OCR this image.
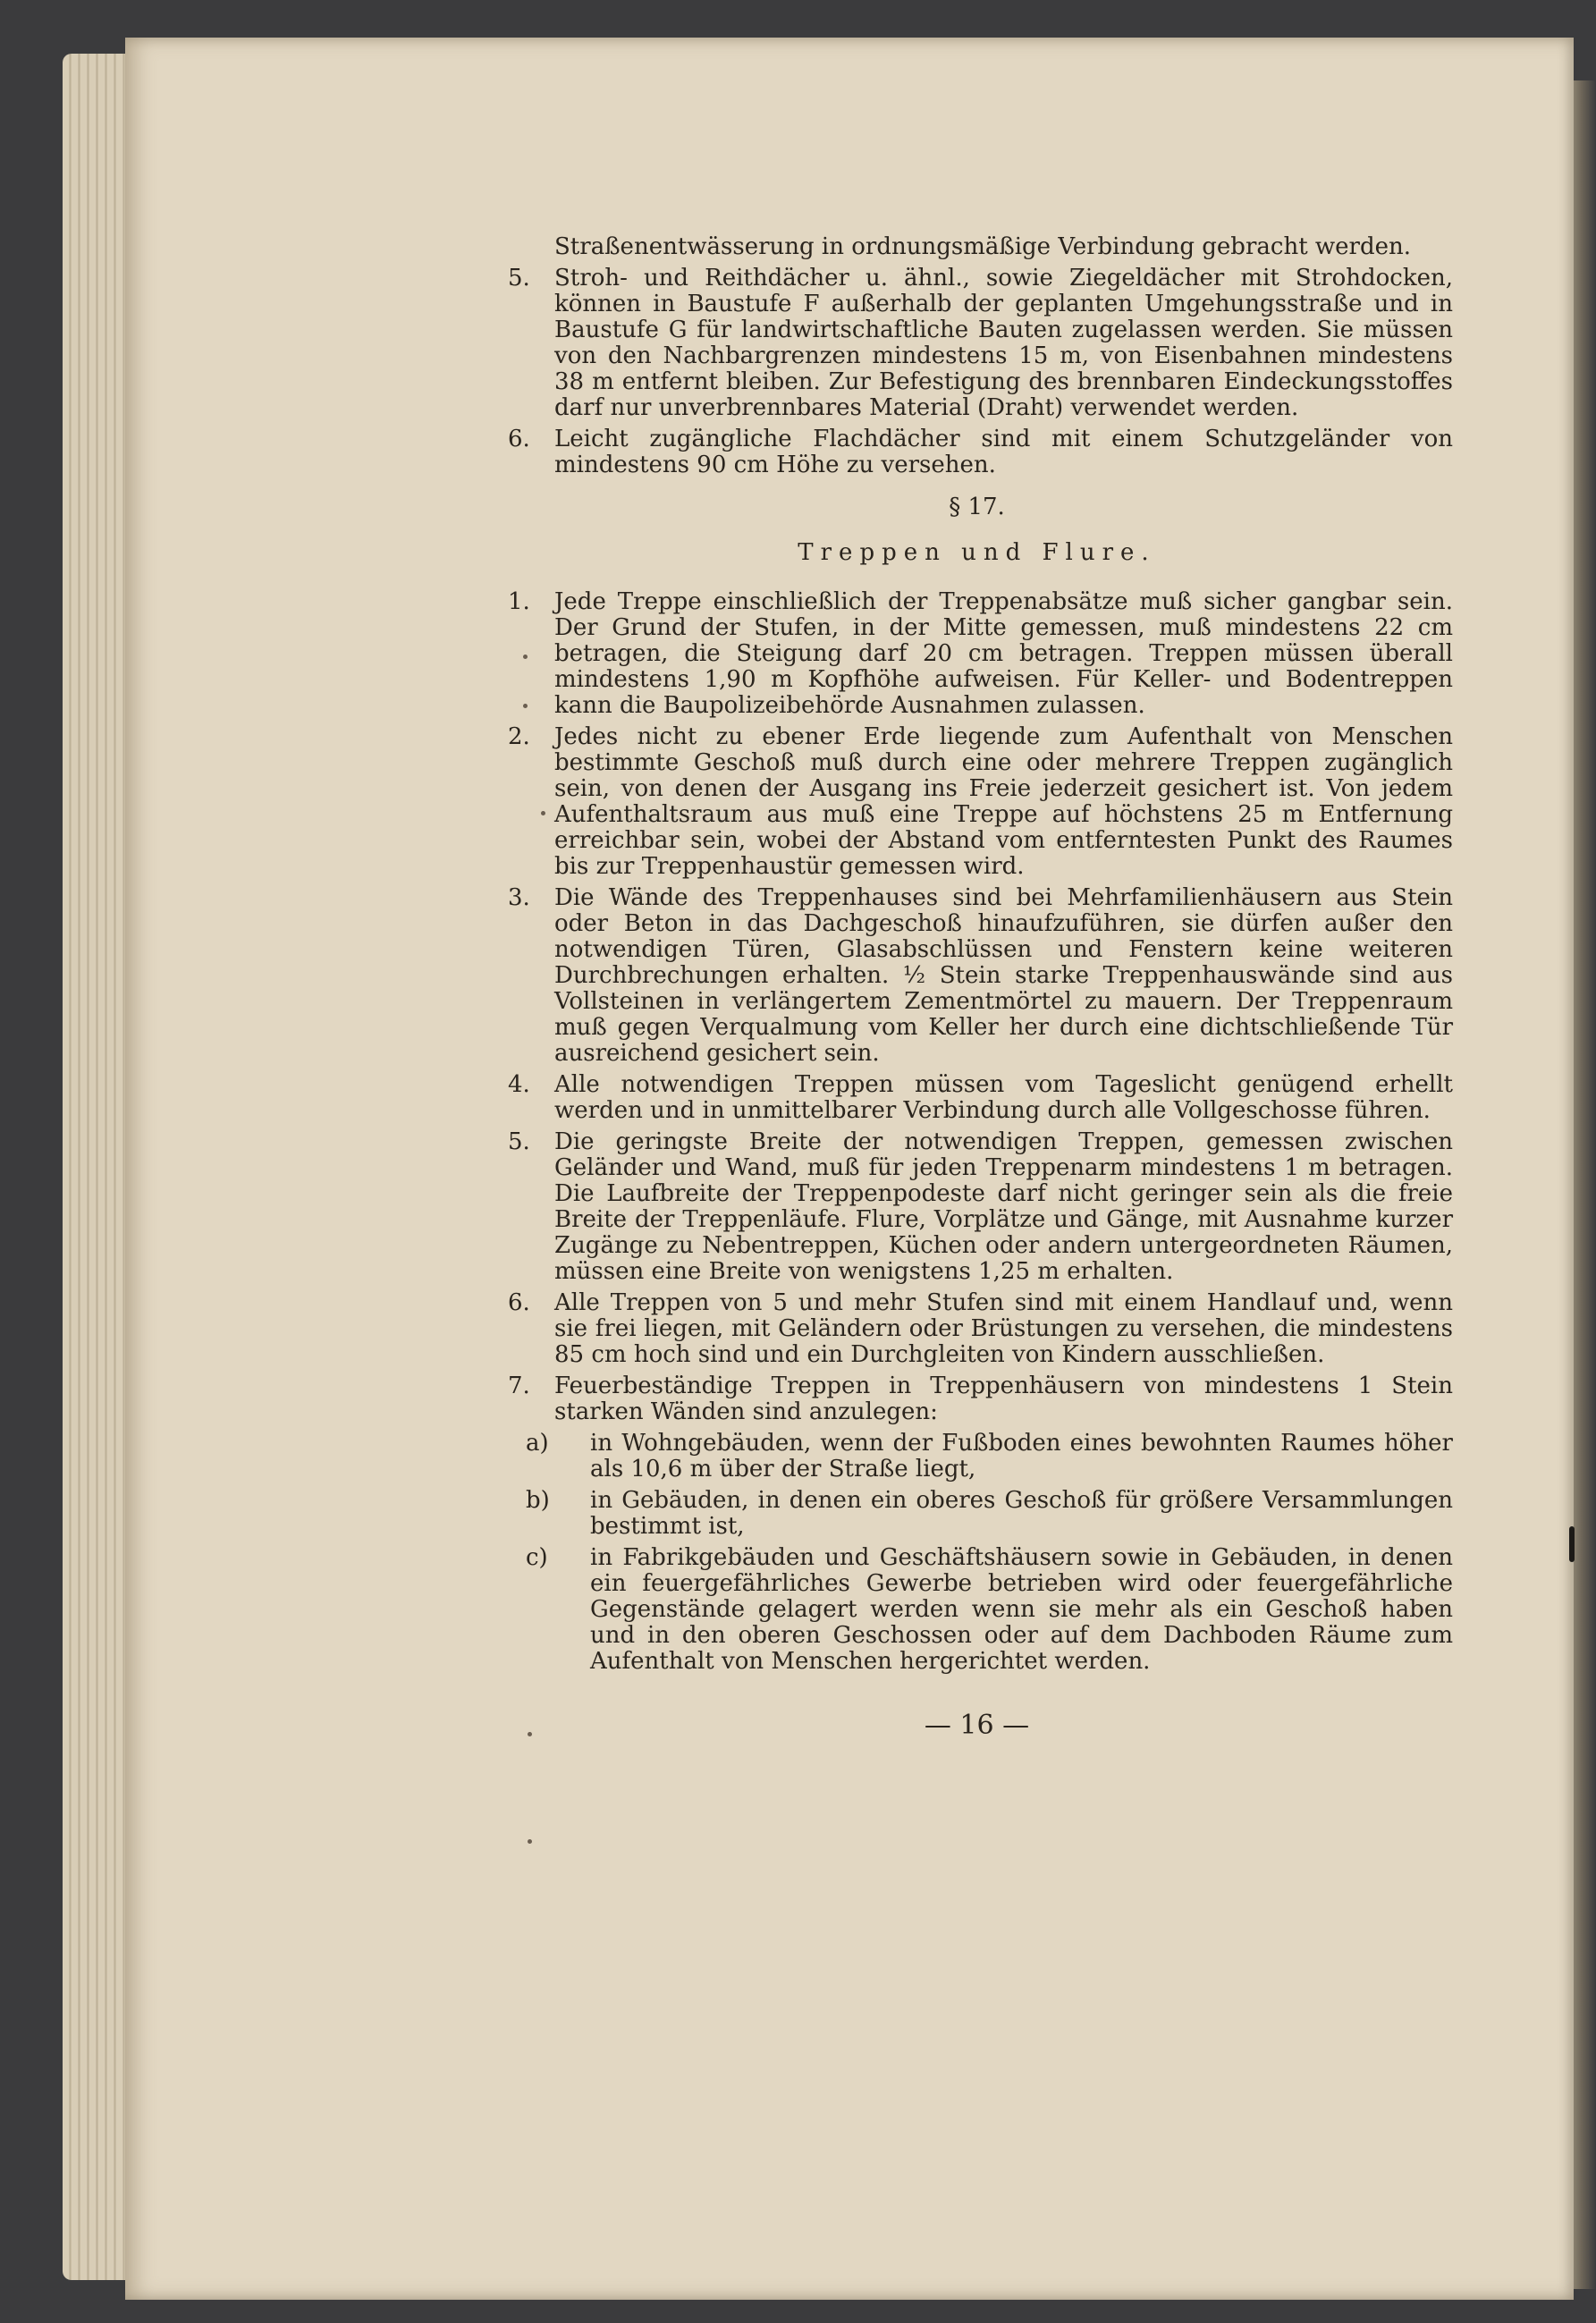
Straßenentwässerung in ordnungsmäßige Verbindung gebracht werden.
5. Stroh- und Reithdächer u. ähnl., sowie Ziegeldächer mit Strohdocken, können in Baustufe F außerhalb der geplanten Umgehungsstraße und in Baustufe G für landwirtschaftliche Bauten zugelassen werden. Sie müssen von den Nachbargrenzen mindestens 15 m, von Eisenbahnen mindestens 38 m entfernt bleiben. Zur Befestigung des brennbaren Eindeckungsstoffes darf nur unverbrennbares Material (Draht) verwendet werden.
6. Leicht zugängliche Flachdächer sind mit einem Schutzgeländer von mindestens 90 cm Höhe zu versehen.
§ 17.
Treppen und Flure.
1. Jede Treppe einschließlich der Treppenabsätze muß sicher gangbar sein. Der Grund der Stufen, in der Mitte gemessen, muß mindestens 22 cm betragen, die Steigung darf 20 cm betragen. Treppen müssen überall mindestens 1,90 m Kopfhöhe aufweisen. Für Keller- und Bodentreppen kann die Baupolizeibehörde Ausnahmen zulassen.
2. Jedes nicht zu ebener Erde liegende zum Aufenthalt von Menschen bestimmte Geschoß muß durch eine oder mehrere Treppen zugänglich sein, von denen der Ausgang ins Freie jederzeit gesichert ist. Von jedem Aufenthaltsraum aus muß eine Treppe auf höchstens 25 m Entfernung erreichbar sein, wobei der Abstand vom entferntesten Punkt des Raumes bis zur Treppenhaustür gemessen wird.
3. Die Wände des Treppenhauses sind bei Mehrfamilienhäusern aus Stein oder Beton in das Dachgeschoß hinaufzuführen, sie dürfen außer den notwendigen Türen, Glasabschlüssen und Fenstern keine weiteren Durchbrechungen erhalten. ½ Stein starke Treppenhauswände sind aus Vollsteinen in verlängertem Zementmörtel zu mauern. Der Treppenraum muß gegen Verqualmung vom Keller her durch eine dichtschließende Tür ausreichend gesichert sein.
4. Alle notwendigen Treppen müssen vom Tageslicht genügend erhellt werden und in unmittelbarer Verbindung durch alle Vollgeschosse führen.
5. Die geringste Breite der notwendigen Treppen, gemessen zwischen Geländer und Wand, muß für jeden Treppenarm mindestens 1 m betragen. Die Laufbreite der Treppenpodeste darf nicht geringer sein als die freie Breite der Treppenläufe. Flure, Vorplätze und Gänge, mit Ausnahme kurzer Zugänge zu Nebentreppen, Küchen oder andern untergeordneten Räumen, müssen eine Breite von wenigstens 1,25 m erhalten.
6. Alle Treppen von 5 und mehr Stufen sind mit einem Handlauf und, wenn sie frei liegen, mit Geländern oder Brüstungen zu versehen, die mindestens 85 cm hoch sind und ein Durchgleiten von Kindern ausschließen.
7. Feuerbeständige Treppen in Treppenhäusern von mindestens 1 Stein starken Wänden sind anzulegen:
a) in Wohngebäuden, wenn der Fußboden eines bewohnten Raumes höher als 10,6 m über der Straße liegt,
b) in Gebäuden, in denen ein oberes Geschoß für größere Versammlungen bestimmt ist,
c) in Fabrikgebäuden und Geschäftshäusern sowie in Gebäuden, in denen ein feuergefährliches Gewerbe betrieben wird oder feuergefährliche Gegenstände gelagert werden wenn sie mehr als ein Geschoß haben und in den oberen Geschossen oder auf dem Dachboden Räume zum Aufenthalt von Menschen hergerichtet werden.
— 16 —
